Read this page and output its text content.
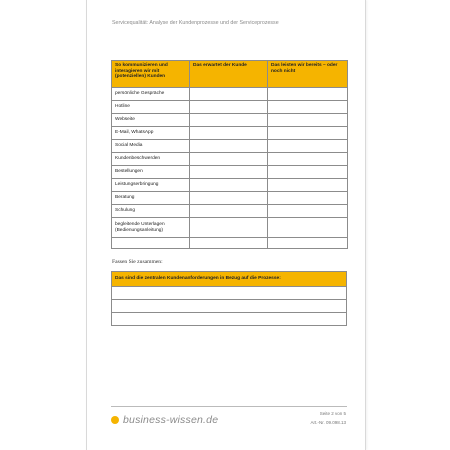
Servicequalität: Analyse der Kundenprozesse und der Serviceprozesse
So kommunizieren und interagieren wir mit (potenziellen) Kunden	Das erwartet der Kunde	Das leisten wir bereits – oder noch nicht
persönliche Gespräche		
Hotline		
Webseite		
E-Mail, WhatsApp		
Social Media		
Kundenbeschwerden		
Bestellungen		
Leistungserbringung		
Beratung		
Schulung		
begleitende Unterlagen (Bedienungsanleitung)		

Fassen Sie zusammen:
Das sind die zentralen Kundenanforderungen in Bezug auf die Prozesse:

business-wissen.de
Seite 2 von 5
Art.-Nr. 09.098.13
